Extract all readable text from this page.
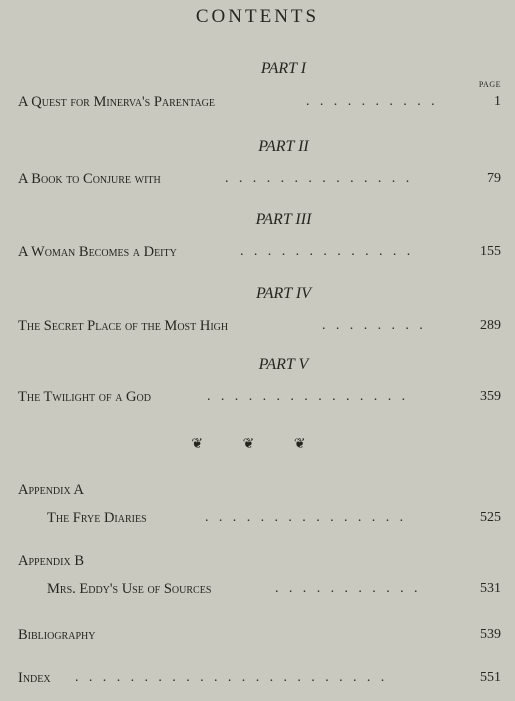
CONTENTS
PAGE
PART I
A Quest for Minerva's Parentage	..........	1
PART II
A Book to Conjure with	..............	79
PART III
A Woman Becomes a Deity	.............	155
PART IV
The Secret Place of the Most High	........	289
PART V
The Twilight of a God	...............	359
❦ ❦ ❦
Appendix A
The Frye Diaries	...............	525
Appendix B
Mrs. Eddy's Use of Sources	...........	531
Bibliography	539
Index .......................	551
